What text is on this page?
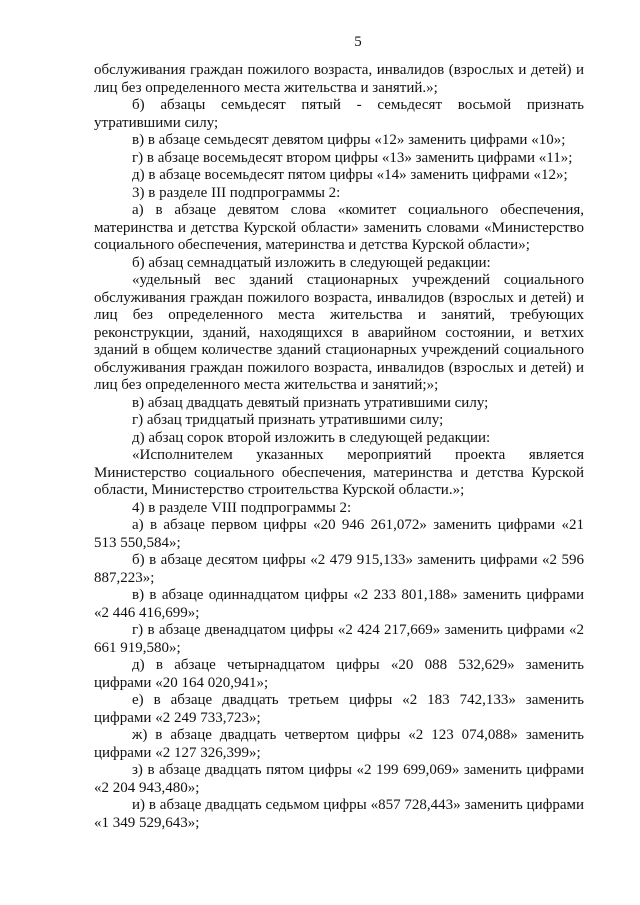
5

обслуживания граждан пожилого возраста, инвалидов (взрослых и детей) и лиц без определенного места жительства и занятий.»;

б) абзацы семьдесят пятый - семьдесят восьмой признать утратившими силу;

в) в абзаце семьдесят девятом цифры «12» заменить цифрами «10»;

г) в абзаце восемьдесят втором цифры «13» заменить цифрами «11»;

д) в абзаце восемьдесят пятом цифры «14» заменить цифрами «12»;

3) в разделе III подпрограммы 2:

а) в абзаце девятом слова «комитет социального обеспечения, материнства и детства Курской области» заменить словами «Министерство социального обеспечения, материнства и детства Курской области»;

б) абзац семнадцатый изложить в следующей редакции:

«удельный вес зданий стационарных учреждений социального обслуживания граждан пожилого возраста, инвалидов (взрослых и детей) и лиц без определенного места жительства и занятий, требующих реконструкции, зданий, находящихся в аварийном состоянии, и ветхих зданий в общем количестве зданий стационарных учреждений социального обслуживания граждан пожилого возраста, инвалидов (взрослых и детей) и лиц без определенного места жительства и занятий;»;

в) абзац двадцать девятый признать утратившими силу;

г) абзац тридцатый признать утратившими силу;

д) абзац сорок второй изложить в следующей редакции:

«Исполнителем указанных мероприятий проекта является Министерство социального обеспечения, материнства и детства Курской области, Министерство строительства Курской области.»;

4) в разделе VIII подпрограммы 2:

а) в абзаце первом цифры «20 946 261,072» заменить цифрами «21 513 550,584»;

б) в абзаце десятом цифры «2 479 915,133» заменить цифрами «2 596 887,223»;

в) в абзаце одиннадцатом цифры «2 233 801,188» заменить цифрами «2 446 416,699»;

г) в абзаце двенадцатом цифры «2 424 217,669» заменить цифрами «2 661 919,580»;

д) в абзаце четырнадцатом цифры «20 088 532,629» заменить цифрами «20 164 020,941»;

е) в абзаце двадцать третьем цифры «2 183 742,133» заменить цифрами «2 249 733,723»;

ж) в абзаце двадцать четвертом цифры «2 123 074,088» заменить цифрами «2 127 326,399»;

з) в абзаце двадцать пятом цифры «2 199 699,069» заменить цифрами «2 204 943,480»;

и) в абзаце двадцать седьмом цифры «857 728,443» заменить цифрами «1 349 529,643»;
